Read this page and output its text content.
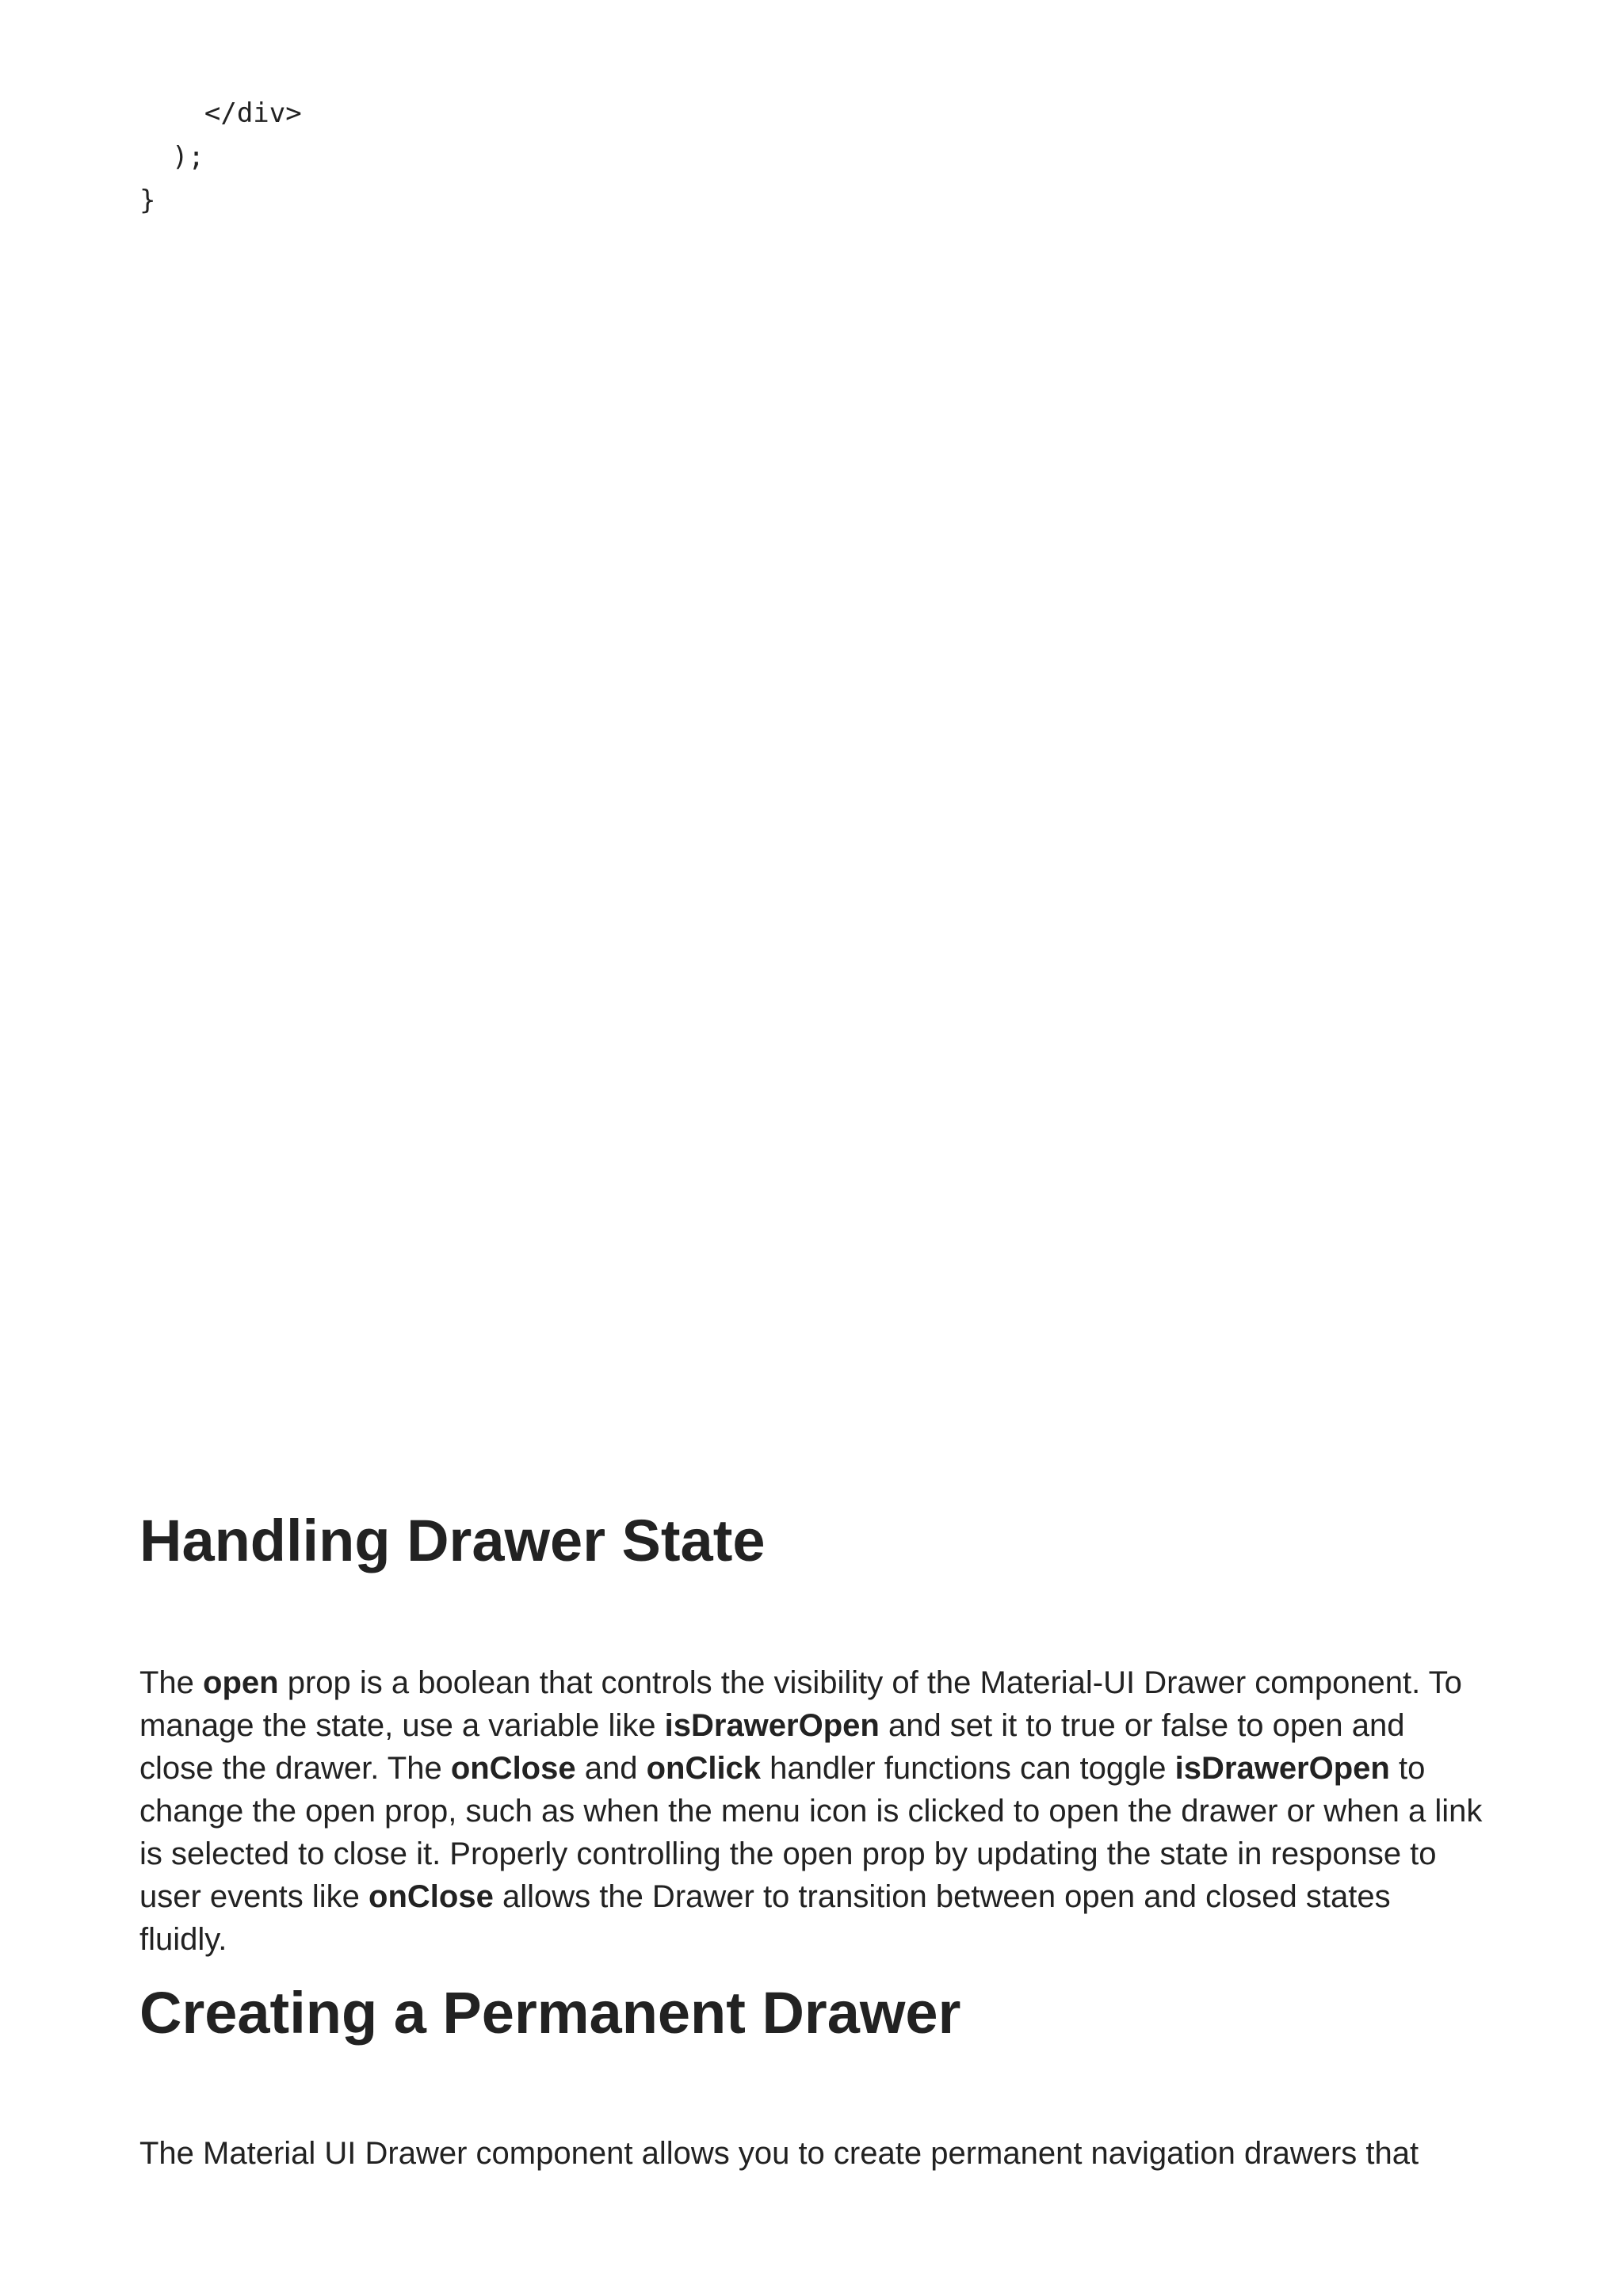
</div>
);
}
Handling Drawer State

The open prop is a boolean that controls the visibility of the Material-UI Drawer component. To
manage the state, use a variable like isDrawerOpen and set it to true or false to open and
close the drawer. The onClose and onClick handler functions can toggle isDrawerOpen to
change the open prop, such as when the menu icon is clicked to open the drawer or when a link
is selected to close it. Properly controlling the open prop by updating the state in response to
user events like onClose allows the Drawer to transition between open and closed states
fluidly.

Creating a Permanent Drawer

The Material UI Drawer component allows you to create permanent navigation drawers that
